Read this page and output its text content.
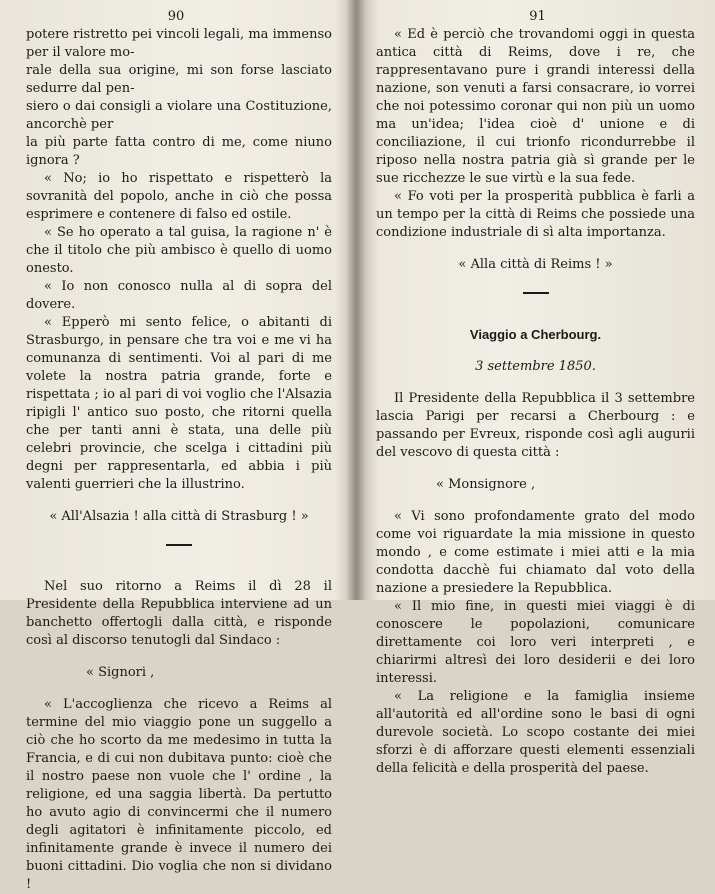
90

potere ristretto pei vincoli legali, ma immenso per il valore mo-

rale della sua origine, mi son forse lasciato sedurre dal pen-

siero o dai consigli a violare una Costituzione, ancorchè per

la più parte fatta contro di me, come niuno ignora ?

« No; io ho rispettato e rispetterò la sovranità del popolo, anche in ciò che possa esprimere e contenere di falso ed ostile.

« Se ho operato a tal guisa, la ragione n' è che il titolo che più ambisco è quello di uomo onesto.

« Io non conosco nulla al di sopra del dovere.

« Epperò mi sento felice, o abitanti di Strasburgo, in pensare che tra voi e me vi ha comunanza di sentimenti. Voi al pari di me volete la nostra patria grande, forte e rispettata ; io al pari di voi voglio che l'Alsazia ripigli l' antico suo posto, che ritorni quella che per tanti anni è stata, una delle più celebri provincie, che scelga i cittadini più degni per rappresentarla, ed abbia i più valenti guerrieri che la illustrino.

« All'Alsazia ! alla città di Strasburg ! »

Nel suo ritorno a Reims il dì 28 il Presidente della Repubblica interviene ad un banchetto offertogli dalla città, e risponde così al discorso tenutogli dal Sindaco :

« Signori ,

« L'accoglienza che ricevo a Reims al termine del mio viaggio pone un suggello a ciò che ho scorto da me medesimo in tutta la Francia, e di cui non dubitava punto: cioè che il nostro paese non vuole che l' ordine , la religione, ed una saggia libertà. Da pertutto ho avuto agio di convincermi che il numero degli agitatori è infinitamente piccolo, ed infinitamente grande è invece il numero dei buoni cittadini. Dio voglia che non si dividano !

91

« Ed è perciò che trovandomi oggi in questa antica città di Reims, dove i re, che rappresentavano pure i grandi interessi della nazione, son venuti a farsi consacrare, io vorrei che noi potessimo coronar qui non più un uomo ma un'idea; l'idea cioè d' unione e di conciliazione, il cui trionfo ricondurrebbe il riposo nella nostra patria già sì grande per le sue ricchezze le sue virtù e la sua fede.

« Fo voti per la prosperità pubblica è farli a un tempo per la città di Reims che possiede una condizione industriale di sì alta importanza.

« Alla città di Reims ! »

Viaggio a Cherbourg.

3 settembre 1850.

Il Presidente della Repubblica il 3 settembre lascia Parigi per recarsi a Cherbourg : e passando per Evreux, risponde così agli augurii del vescovo di questa città :

« Monsignore ,

« Vi sono profondamente grato del modo come voi riguardate la mia missione in questo mondo , e come estimate i miei atti e la mia condotta dacchè fui chiamato dal voto della nazione a presiedere la Repubblica.

« Il mio fine, in questi miei viaggi è di conoscere le popolazioni, comunicare direttamente coi loro veri interpreti , e chiarirmi altresì dei loro desiderii e dei loro interessi.

« La religione e la famiglia insieme all'autorità ed all'ordine sono le basi di ogni durevole società. Lo scopo costante dei miei sforzi è di afforzare questi elementi essenziali della felicità e della prosperità del paese.
